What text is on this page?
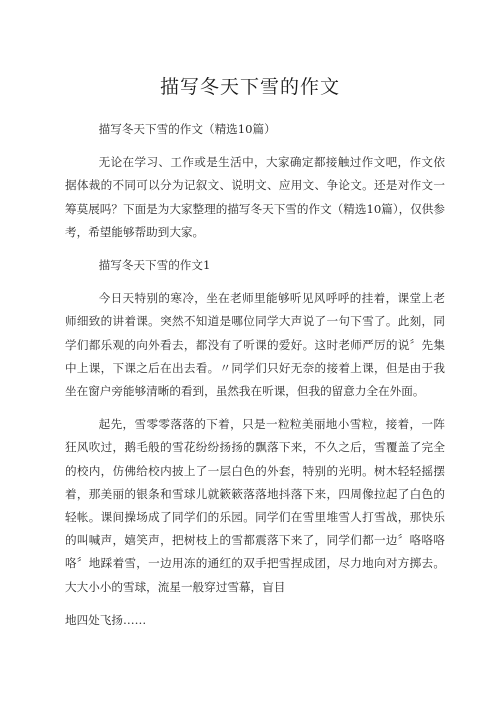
描写冬天下雪的作文

描写冬天下雪的作文（精选10篇）

无论在学习、工作或是生活中，大家确定都接触过作文吧，作文依据体裁的不同可以分为记叙文、说明文、应用文、争论文。还是对作文一筹莫展吗？下面是为大家整理的描写冬天下雪的作文（精选10篇），仅供参考，希望能够帮助到大家。

描写冬天下雪的作文1

今日天特别的寒冷，坐在老师里能够听见风呼呼的挂着，课堂上老师细致的讲着课。突然不知道是哪位同学大声说了一句下雪了。此刻，同学们都乐观的向外看去，都没有了听课的爱好。这时老师严厉的说〞先集中上课，下课之后在出去看。〃同学们只好无奈的接着上课，但是由于我坐在窗户旁能够清晰的看到，虽然我在听课，但我的留意力全在外面。

起先，雪零零落落的下着，只是一粒粒美丽地小雪粒，接着，一阵狂风吹过，鹅毛般的雪花纷纷扬扬的飘落下来，不久之后，雪覆盖了完全的校内，仿佛给校内披上了一层白色的外套，特别的光明。树木轻轻摇摆着，那美丽的银条和雪球儿就簌簌落落地抖落下来，四周像拉起了白色的轻帐。课间操场成了同学们的乐园。同学们在雪里堆雪人打雪战，那快乐的叫喊声，嬉笑声，把树枝上的雪都震落下来了，同学们都一边〞咯咯咯咯〞地踩着雪，一边用冻的通红的双手把雪捏成团，尽力地向对方掷去。大大小小的雪球，流星一般穿过雪幕，盲目

地四处飞扬……
